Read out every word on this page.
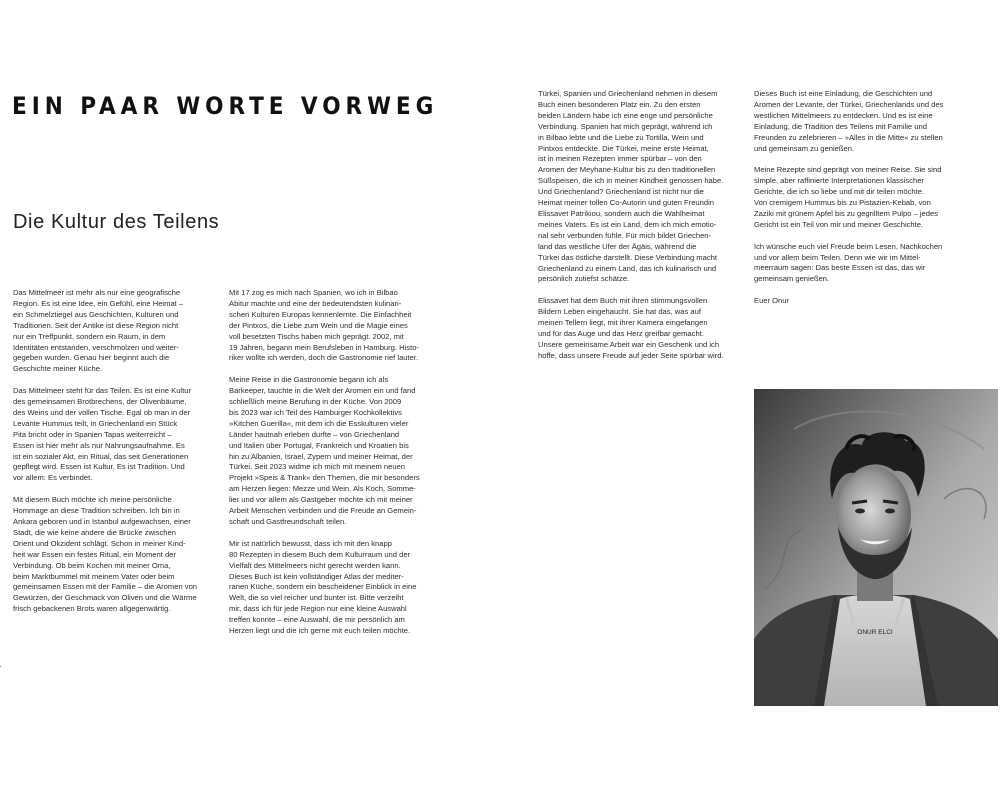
EIN PAAR WORTE VORWEG
Die Kultur des Teilens

Das Mittelmeer ist mehr als nur eine geografische
Region. Es ist eine Idee, ein Gefühl, eine Heimat –
ein Schmelztiegel aus Geschichten, Kulturen und
Traditionen. Seit der Antike ist diese Region nicht
nur ein Treffpunkt, sondern ein Raum, in dem
Identitäten entstanden, verschmolzen und weiter-
gegeben wurden. Genau hier beginnt auch die
Geschichte meiner Küche.

Das Mittelmeer steht für das Teilen. Es ist eine Kultur
des gemeinsamen Brotbrechens, der Olivenbäume,
des Weins und der vollen Tische. Egal ob man in der
Levante Hummus teilt, in Griechenland ein Stück
Pita bricht oder in Spanien Tapas weiterreicht –
Essen ist hier mehr als nur Nahrungsaufnahme. Es
ist ein sozialer Akt, ein Ritual, das seit Generationen
gepflegt wird. Essen ist Kultur. Es ist Tradition. Und
vor allem: Es verbindet.

Mit diesem Buch möchte ich meine persönliche
Hommage an diese Tradition schreiben. Ich bin in
Ankara geboren und in Istanbul aufgewachsen, einer
Stadt, die wie keine andere die Brücke zwischen
Orient und Okzident schlägt. Schon in meiner Kind-
heit war Essen ein festes Ritual, ein Moment der
Verbindung. Ob beim Kochen mit meiner Oma,
beim Marktbummel mit meinem Vater oder beim
gemeinsamen Essen mit der Familie – die Aromen von
Gewürzen, der Geschmack von Oliven und die Wärme
frisch gebackenen Brots waren allgegenwärtig.

Mit 17 zog es mich nach Spanien, wo ich in Bilbao
Abitur machte und eine der bedeutendsten kulinari-
schen Kulturen Europas kennenlernte. Die Einfachheit
der Pintxos, die Liebe zum Wein und die Magie eines
voll besetzten Tischs haben mich geprägt. 2002, mit
19 Jahren, begann mein Berufsleben in Hamburg. Histo-
riker wollte ich werden, doch die Gastronomie rief lauter.

Meine Reise in die Gastronomie begann ich als
Barkeeper, tauchte in die Welt der Aromen ein und fand
schließlich meine Berufung in der Küche. Von 2009
bis 2023 war ich Teil des Hamburger Kochkollektivs
»Kitchen Guerilla«, mit dem ich die Esskulturen vieler
Länder hautnah erleben durfte – von Griechenland
und Italien über Portugal, Frankreich und Kroatien bis
hin zu Albanien, Israel, Zypern und meiner Heimat, der
Türkei. Seit 2023 widme ich mich mit meinem neuen
Projekt »Speis & Trank« den Themen, die mir besonders
am Herzen liegen: Mezze und Wein. Als Koch, Somme-
lier und vor allem als Gastgeber möchte ich mit meiner
Arbeit Menschen verbinden und die Freude an Gemein-
schaft und Gastfreundschaft teilen.

Mir ist natürlich bewusst, dass ich mit den knapp
80 Rezepten in diesem Buch dem Kulturraum und der
Vielfalt des Mittelmeers nicht gerecht werden kann.
Dieses Buch ist kein vollständiger Atlas der mediter-
ranen Küche, sondern ein bescheidener Einblick in eine
Welt, die so viel reicher und bunter ist. Bitte verzeiht
mir, dass ich für jede Region nur eine kleine Auswahl
treffen konnte – eine Auswahl, die mir persönlich am
Herzen liegt und die ich gerne mit euch teilen möchte.

Türkei, Spanien und Griechenland nehmen in diesem
Buch einen besonderen Platz ein. Zu den ersten
beiden Ländern habe ich eine enge und persönliche
Verbindung. Spanien hat mich geprägt, während ich
in Bilbao lebte und die Liebe zu Tortilla, Wein und
Pintxos entdeckte. Die Türkei, meine erste Heimat,
ist in meinen Rezepten immer spürbar – von den
Aromen der Meyhane-Kultur bis zu den traditionellen
Süßspeisen, die ich in meiner Kindheit genossen habe.
Und Griechenland? Griechenland ist nicht nur die
Heimat meiner tollen Co-Autorin und guten Freundin
Elissavet Patrikiou, sondern auch die Wahlheimat
meines Vaters. Es ist ein Land, dem ich mich emotio-
nal sehr verbunden fühle. Für mich bildet Griechen-
land das westliche Ufer der Ägäis, während die
Türkei das östliche darstellt. Diese Verbindung macht
Griechenland zu einem Land, das ich kulinarisch und
persönlich zutiefst schätze.

Elissavet hat dem Buch mit ihren stimmungsvollen
Bildern Leben eingehaucht. Sie hat das, was auf
meinen Tellern liegt, mit ihrer Kamera eingefangen
und für das Auge und das Herz greifbar gemacht.
Unsere gemeinsame Arbeit war ein Geschenk und ich
hoffe, dass unsere Freude auf jeder Seite spürbar wird.

Dieses Buch ist eine Einladung, die Geschichten und
Aromen der Levante, der Türkei, Griechenlands und des
westlichen Mittelmeers zu entdecken. Und es ist eine
Einladung, die Tradition des Teilens mit Familie und
Freunden zu zelebrieren – »Alles in die Mitte« zu stellen
und gemeinsam zu genießen.

Meine Rezepte sind geprägt von meiner Reise. Sie sind
simple, aber raffinierte Interpretationen klassischer
Gerichte, die ich so liebe und mit dir teilen möchte.
Von cremigem Hummus bis zu Pistazien-Kebab, von
Zaziki mit grünem Apfel bis zu gegrilltem Pulpo – jedes
Gericht ist ein Teil von mir und meiner Geschichte.

Ich wünsche euch viel Freude beim Lesen, Nachkochen
und vor allem beim Teilen. Denn wie wir im Mittel-
meerraum sagen: Das beste Essen ist das, das wir
gemeinsam genießen.

Euer Onur

ONUR ELCI
